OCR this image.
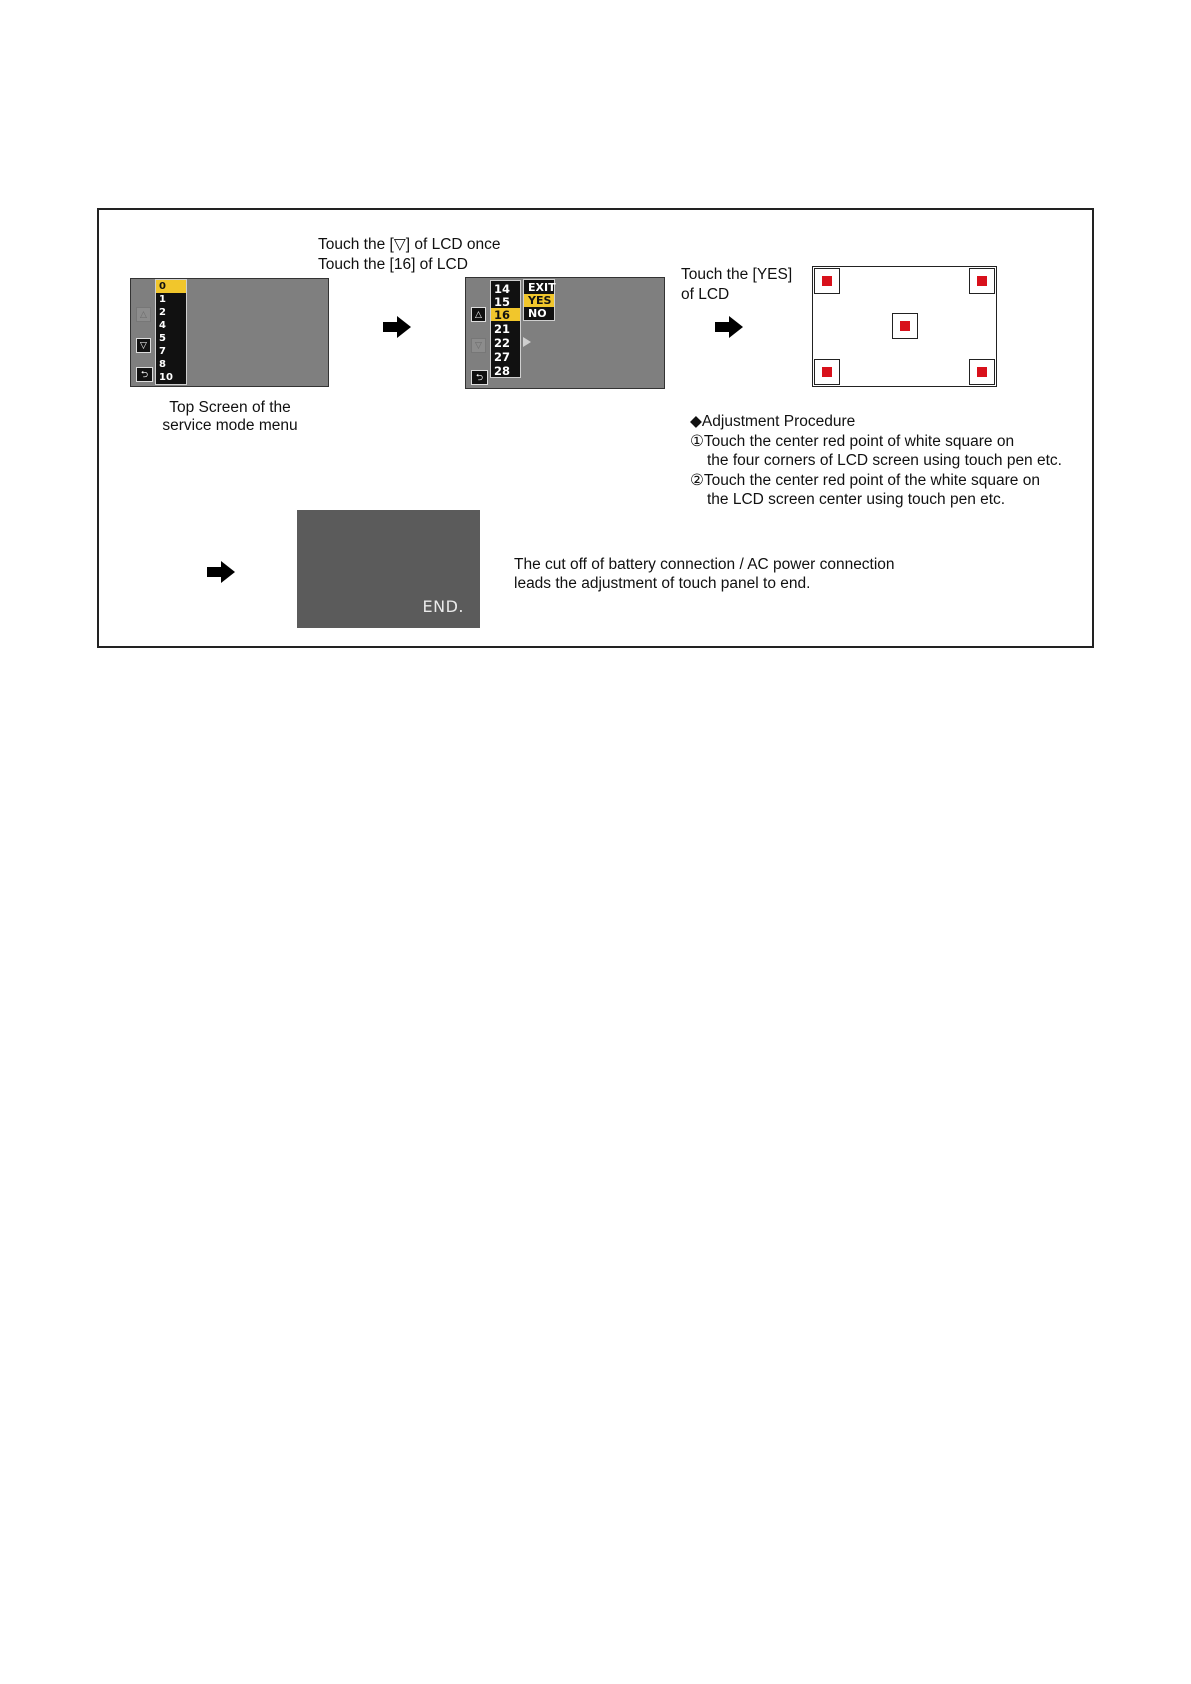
△
▽
⮌
0
1
2
4
5
7
8
10
Top Screen of the
service mode menu
Touch the [▽] of LCD once
Touch the [16] of LCD
△
▽
⮌
14
15
16
21
22
27
28
EXIT
YES
NO
Touch the [YES]
of LCD
◆Adjustment Procedure
①Touch the center red point of white square on
the four corners of LCD screen using touch pen etc.
②Touch the center red point of the white square on
the LCD screen center using touch pen etc.
END.
The cut off of battery connection / AC power connection
leads the adjustment of touch panel to end.
